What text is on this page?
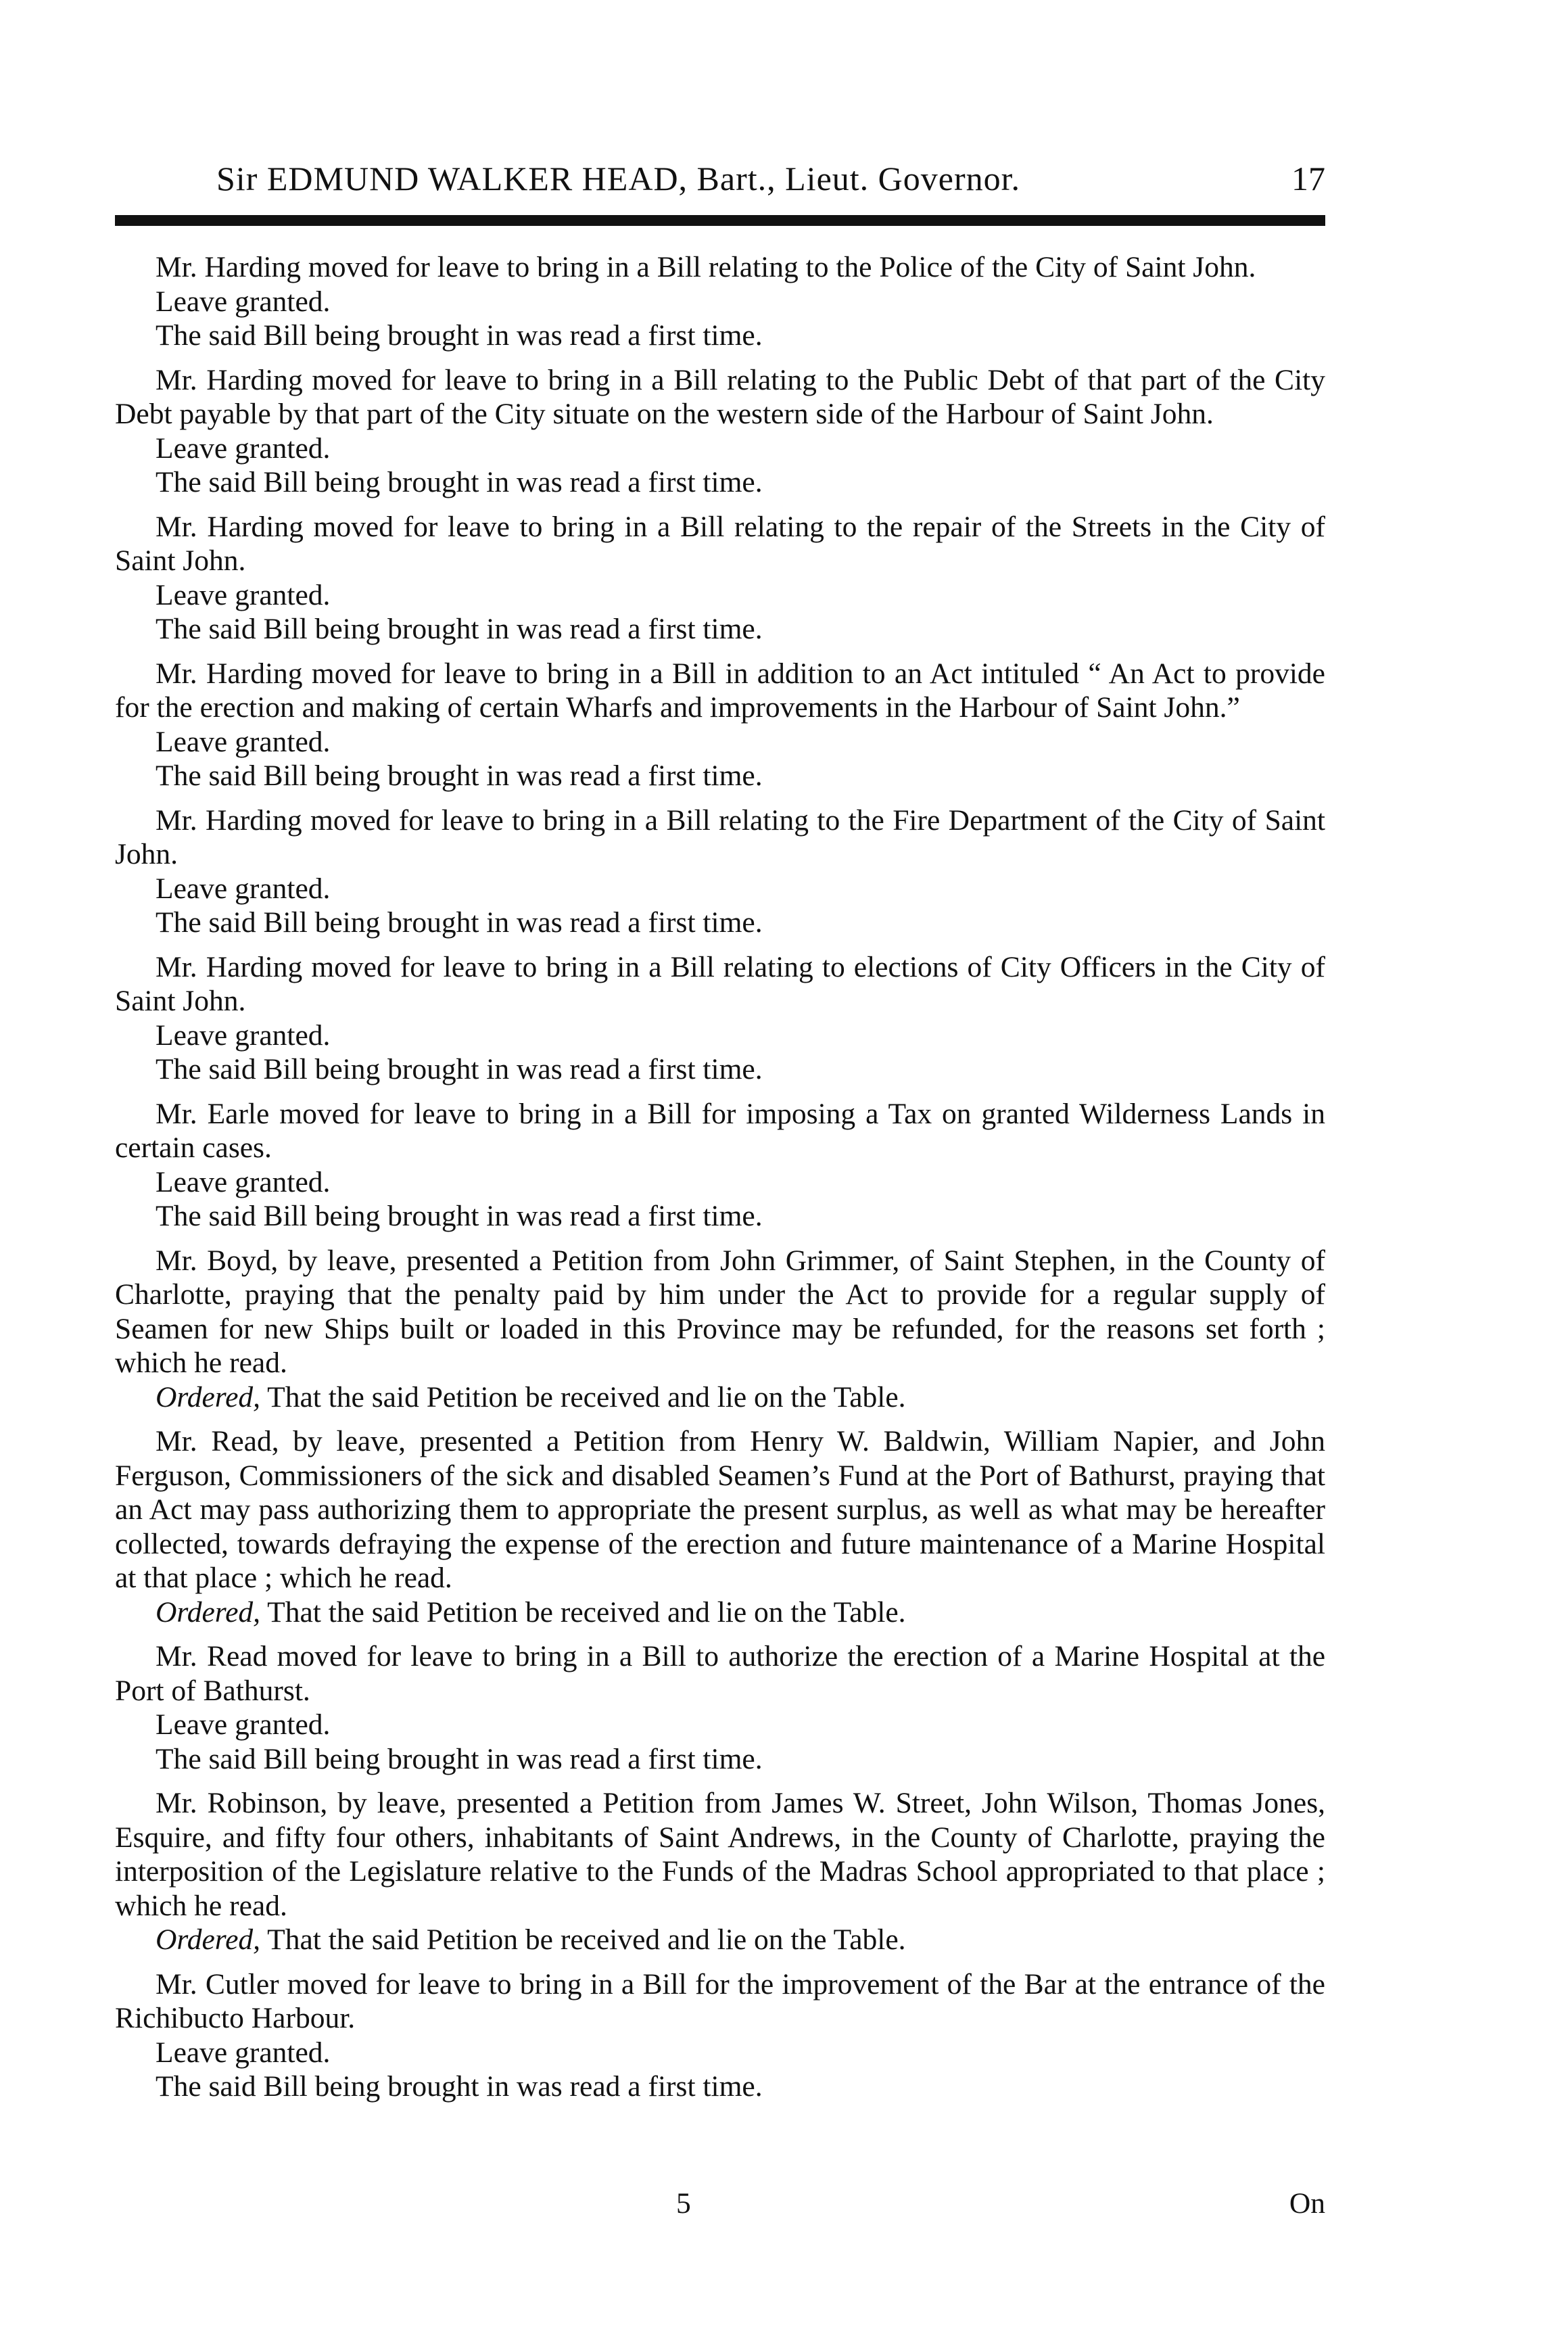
Sir EDMUND WALKER HEAD, Bart., Lieut. Governor.	17

Mr. Harding moved for leave to bring in a Bill relating to the Police of the City of Saint John.

Leave granted.

The said Bill being brought in was read a first time.

Mr. Harding moved for leave to bring in a Bill relating to the Public Debt of that part of the City Debt payable by that part of the City situate on the western side of the Harbour of Saint John.

Leave granted.

The said Bill being brought in was read a first time.

Mr. Harding moved for leave to bring in a Bill relating to the repair of the Streets in the City of Saint John.

Leave granted.

The said Bill being brought in was read a first time.

Mr. Harding moved for leave to bring in a Bill in addition to an Act intituled “ An Act to provide for the erection and making of certain Wharfs and improvements in the Harbour of Saint John.”

Leave granted.

The said Bill being brought in was read a first time.

Mr. Harding moved for leave to bring in a Bill relating to the Fire Department of the City of Saint John.

Leave granted.

The said Bill being brought in was read a first time.

Mr. Harding moved for leave to bring in a Bill relating to elections of City Officers in the City of Saint John.

Leave granted.

The said Bill being brought in was read a first time.

Mr. Earle moved for leave to bring in a Bill for imposing a Tax on granted Wilderness Lands in certain cases.

Leave granted.

The said Bill being brought in was read a first time.

Mr. Boyd, by leave, presented a Petition from John Grimmer, of Saint Stephen, in the County of Charlotte, praying that the penalty paid by him under the Act to provide for a regular supply of Seamen for new Ships built or loaded in this Province may be refunded, for the reasons set forth ; which he read.

Ordered, That the said Petition be received and lie on the Table.

Mr. Read, by leave, presented a Petition from Henry W. Baldwin, William Napier, and John Ferguson, Commissioners of the sick and disabled Seamen’s Fund at the Port of Bathurst, praying that an Act may pass authorizing them to appropriate the present surplus, as well as what may be hereafter collected, towards defraying the expense of the erection and future maintenance of a Marine Hospital at that place ; which he read.

Ordered, That the said Petition be received and lie on the Table.

Mr. Read moved for leave to bring in a Bill to authorize the erection of a Marine Hospital at the Port of Bathurst.

Leave granted.

The said Bill being brought in was read a first time.

Mr. Robinson, by leave, presented a Petition from James W. Street, John Wilson, Thomas Jones, Esquire, and fifty four others, inhabitants of Saint Andrews, in the County of Charlotte, praying the interposition of the Legislature relative to the Funds of the Madras School appropriated to that place ; which he read.

Ordered, That the said Petition be received and lie on the Table.

Mr. Cutler moved for leave to bring in a Bill for the improvement of the Bar at the entrance of the Richibucto Harbour.

Leave granted.

The said Bill being brought in was read a first time.

5	On
